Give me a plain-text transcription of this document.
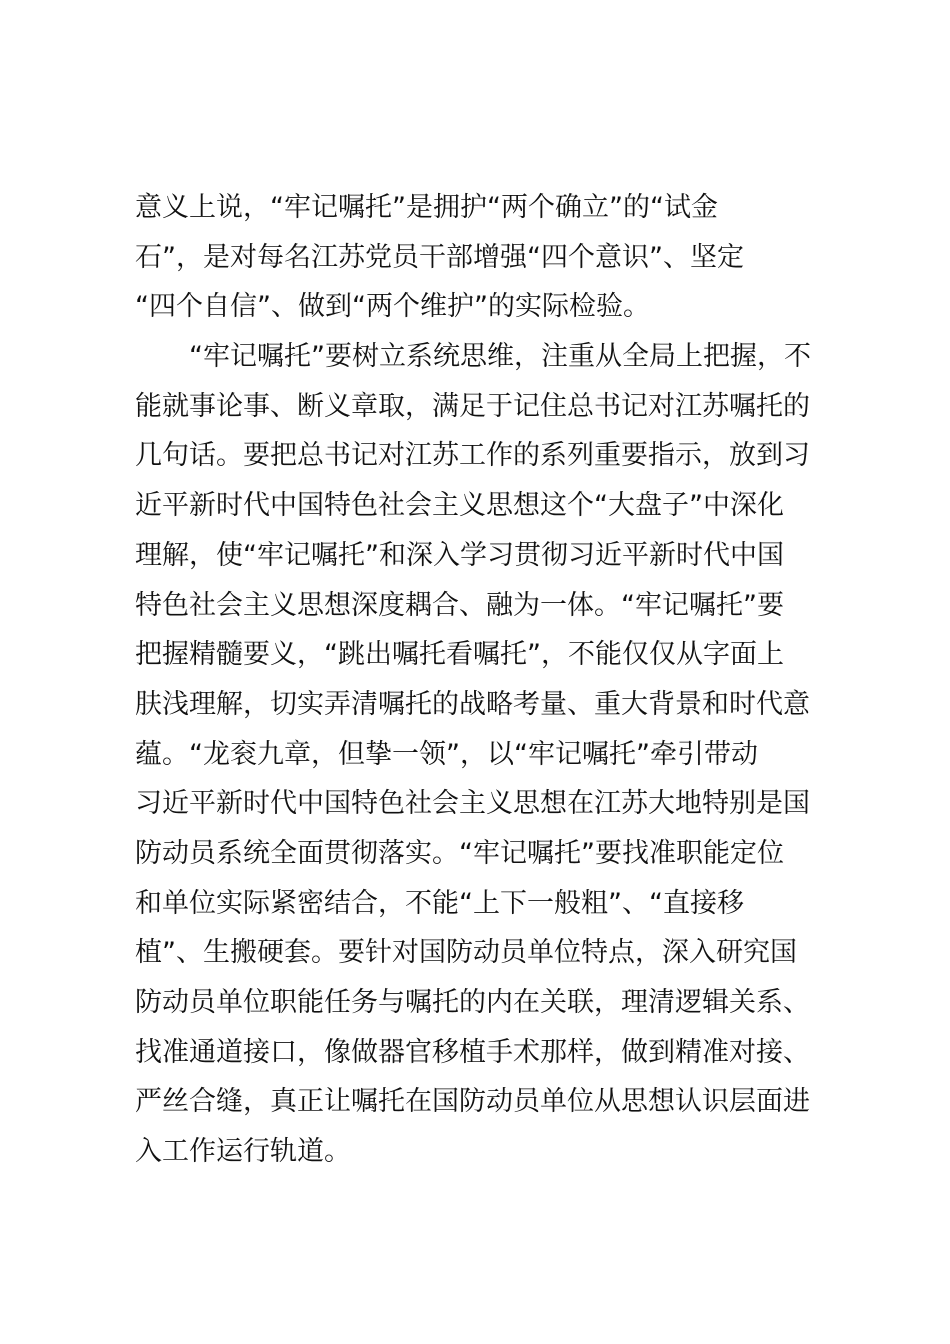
意义上说，“牢记嘱托”是拥护“两个确立”的“试金
石”，是对每名江苏党员干部增强“四个意识”、坚定
“四个自信”、做到“两个维护”的实际检验。
“牢记嘱托”要树立系统思维，注重从全局上把握，不
能就事论事、断义章取，满足于记住总书记对江苏嘱托的
几句话。要把总书记对江苏工作的系列重要指示，放到习
近平新时代中国特色社会主义思想这个“大盘子”中深化
理解，使“牢记嘱托”和深入学习贯彻习近平新时代中国
特色社会主义思想深度耦合、融为一体。“牢记嘱托”要
把握精髓要义，“跳出嘱托看嘱托”，不能仅仅从字面上
肤浅理解，切实弄清嘱托的战略考量、重大背景和时代意
蕴。“龙衮九章，但挚一领”，以“牢记嘱托”牵引带动
习近平新时代中国特色社会主义思想在江苏大地特别是国
防动员系统全面贯彻落实。“牢记嘱托”要找准职能定位
和单位实际紧密结合，不能“上下一般粗”、“直接移
植”、生搬硬套。要针对国防动员单位特点，深入研究国
防动员单位职能任务与嘱托的内在关联，理清逻辑关系、
找准通道接口，像做器官移植手术那样，做到精准对接、
严丝合缝，真正让嘱托在国防动员单位从思想认识层面进
入工作运行轨道。
